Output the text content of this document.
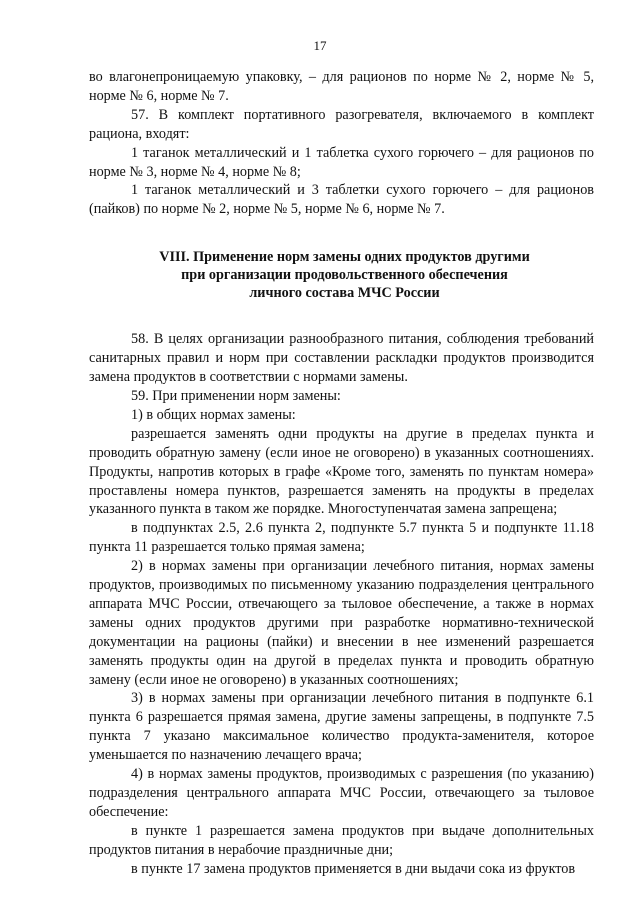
17

во влагонепроницаемую упаковку, – для рационов по норме № 2, норме № 5, норме № 6, норме № 7.

57. В комплект портативного разогревателя, включаемого в комплект рациона, входят:

1 таганок металлический и 1 таблетка сухого горючего – для рационов по норме № 3, норме № 4, норме № 8;

1 таганок металлический и 3 таблетки сухого горючего – для рационов (пайков) по норме № 2, норме № 5, норме № 6, норме № 7.

VIII. Применение норм замены одних продуктов другими
при организации продовольственного обеспечения
личного состава МЧС России

58. В целях организации разнообразного питания, соблюдения требований санитарных правил и норм при составлении раскладки продуктов производится замена продуктов в соответствии с нормами замены.

59. При применении норм замены:

1) в общих нормах замены:

разрешается заменять одни продукты на другие в пределах пункта и проводить обратную замену (если иное не оговорено) в указанных соотношениях. Продукты, напротив которых в графе «Кроме того, заменять по пунктам номера» проставлены номера пунктов, разрешается заменять на продукты в пределах указанного пункта в таком же порядке. Многоступенчатая замена запрещена;

в подпунктах 2.5, 2.6 пункта 2, подпункте 5.7 пункта 5 и подпункте 11.18 пункта 11 разрешается только прямая замена;

2) в нормах замены при организации лечебного питания, нормах замены продуктов, производимых по письменному указанию подразделения центрального аппарата МЧС России, отвечающего за тыловое обеспечение, а также в нормах замены одних продуктов другими при разработке нормативно-технической документации на рационы (пайки) и внесении в нее изменений разрешается заменять продукты один на другой в пределах пункта и проводить обратную замену (если иное не оговорено) в указанных соотношениях;

3) в нормах замены при организации лечебного питания в подпункте 6.1 пункта 6 разрешается прямая замена, другие замены запрещены, в подпункте 7.5 пункта 7 указано максимальное количество продукта-заменителя, которое уменьшается по назначению лечащего врача;

4) в нормах замены продуктов, производимых с разрешения (по указанию) подразделения центрального аппарата МЧС России, отвечающего за тыловое обеспечение:

в пункте 1 разрешается замена продуктов при выдаче дополнительных продуктов питания в нерабочие праздничные дни;

в пункте 17 замена продуктов применяется в дни выдачи сока из фруктов
